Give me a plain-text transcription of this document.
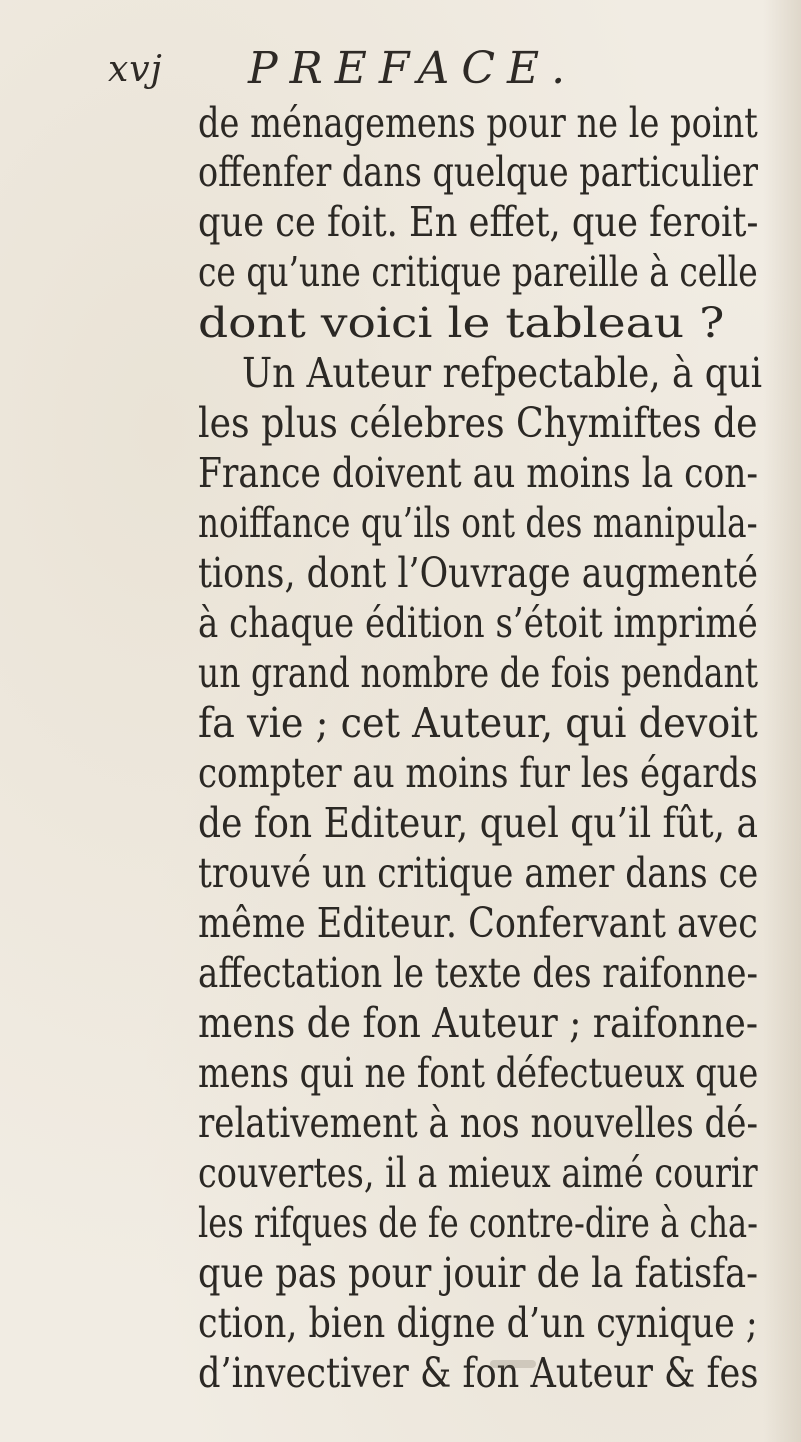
xvj PREFACE.
de ménagemens pour ne le point
offenfer dans quelque particulier
que ce foit. En effet, que feroit-
ce qu’une critique pareille à celle
dont voici le tableau ?
Un Auteur refpectable, à qui
les plus célebres Chymiftes de
France doivent au moins la con-
noiffance qu’ils ont des manipula-
tions, dont l’Ouvrage augmenté
à chaque édition s’étoit imprimé
un grand nombre de fois pendant
fa vie ; cet Auteur, qui devoit
compter au moins fur les égards
de fon Editeur, quel qu’il fût, a
trouvé un critique amer dans ce
même Editeur. Confervant avec
affectation le texte des raifonne-
mens de fon Auteur ; raifonne-
mens qui ne font défectueux que
relativement à nos nouvelles dé-
couvertes, il a mieux aimé courir
les rifques de fe contre-dire à cha-
que pas pour jouir de la fatisfa-
ction, bien digne d’un cynique ;
d’invectiver & fon Auteur & fes
